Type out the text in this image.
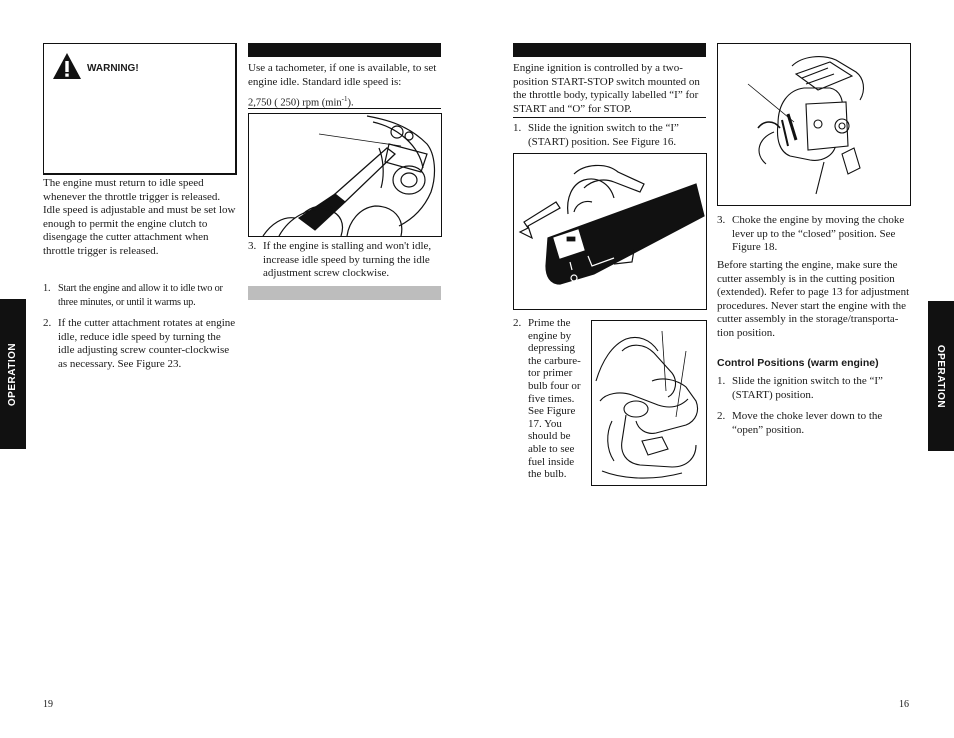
WARNING!
The engine must return to idle speed whenever the throttle trigger is released. Idle speed is adjustable and must be set low enough to permit the engine clutch to disengage the cutter attachment when throttle trigger is released.
1. Start the engine and allow it to idle two or three minutes, or until it warms up.
2. If the cutter attachment rotates at engine idle, reduce idle speed by turning the idle adjusting screw counter-clockwise as necessary. See Figure 23.
Use a tachometer, if one is available, to set engine idle. Standard idle speed is:
2,750 ( 250) rpm $(\min^{-1})$.
3. If the engine is stalling and won't idle, increase idle speed by turning the idle adjustment screw clockwise.
OPERATION
19
Engine ignition is controlled by a two-position START-STOP switch mounted on the throttle body, typically labelled “I” for START and “O” for STOP.
1. Slide the ignition switch to the “I” (START) position. See Figure 16.
2. Prime the engine by depressing the carbure-tor primer bulb four or five times. See Figure 17. You should be able to see fuel inside the bulb.
3. Choke the engine by moving the choke lever up to the “closed” position. See Figure 18.
Before starting the engine, make sure the cutter assembly is in the cutting position (extended). Refer to page 13 for adjustment procedures. Never start the engine with the cutter assembly in the storage/transporta-tion position.
Control Positions (warm engine)
1. Slide the ignition switch to the “I” (START) position.
2. Move the choke lever down to the “open” position.
OPERATION
16
